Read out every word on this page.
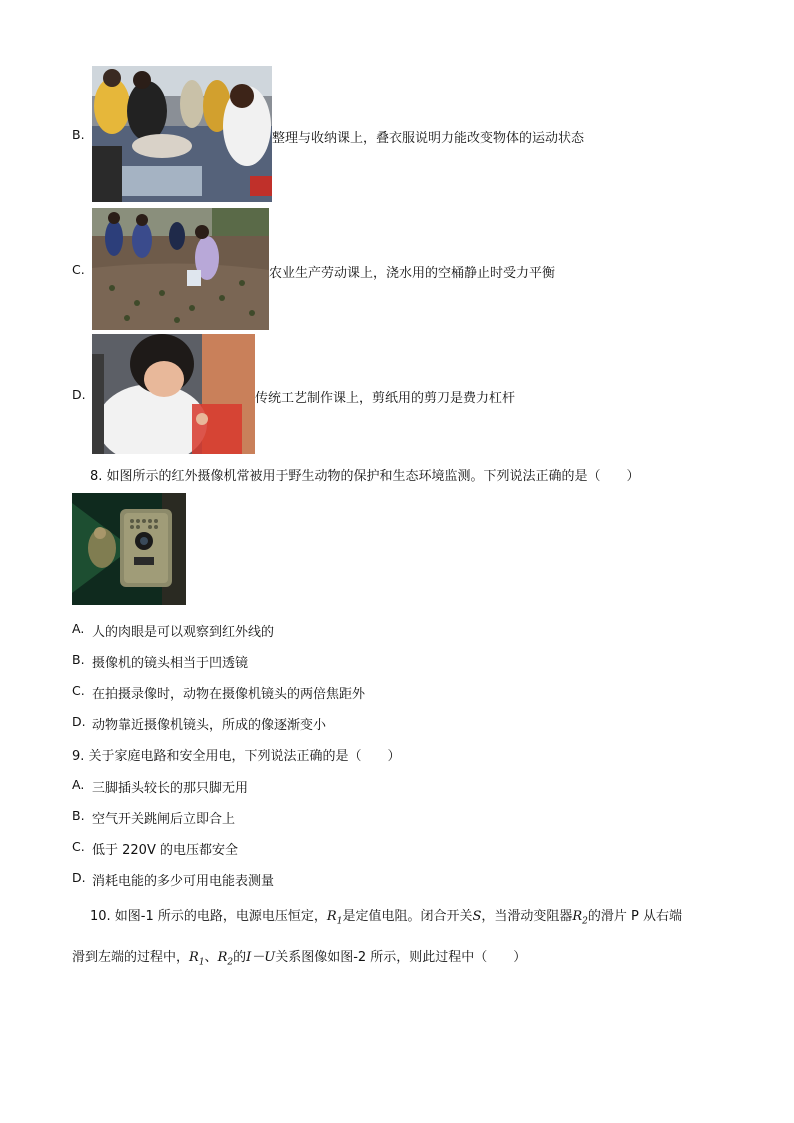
B.	整理与收纳课上，叠衣服说明力能改变物体的运动状态
C.	农业生产劳动课上，浇水用的空桶静止时受力平衡
D.	传统工艺制作课上，剪纸用的剪刀是费力杠杆
8. 如图所示的红外摄像机常被用于野生动物的保护和生态环境监测。下列说法正确的是（　　）
A. 人的肉眼是可以观察到红外线的
B. 摄像机的镜头相当于凹透镜
C. 在拍摄录像时，动物在摄像机镜头的两倍焦距外
D. 动物靠近摄像机镜头，所成的像逐渐变小
9. 关于家庭电路和安全用电，下列说法正确的是（　　）
A. 三脚插头较长的那只脚无用
B. 空气开关跳闸后立即合上
C. 低于 220V 的电压都安全
D. 消耗电能的多少可用电能表测量
10. 如图-1 所示的电路，电源电压恒定，$R_1$是定值电阻。闭合开关S，当滑动变阻器$R_2$的滑片 P 从右端
滑到左端的过程中，$R_1$、$R_2$的I－U关系图像如图-2 所示，则此过程中（　　）
